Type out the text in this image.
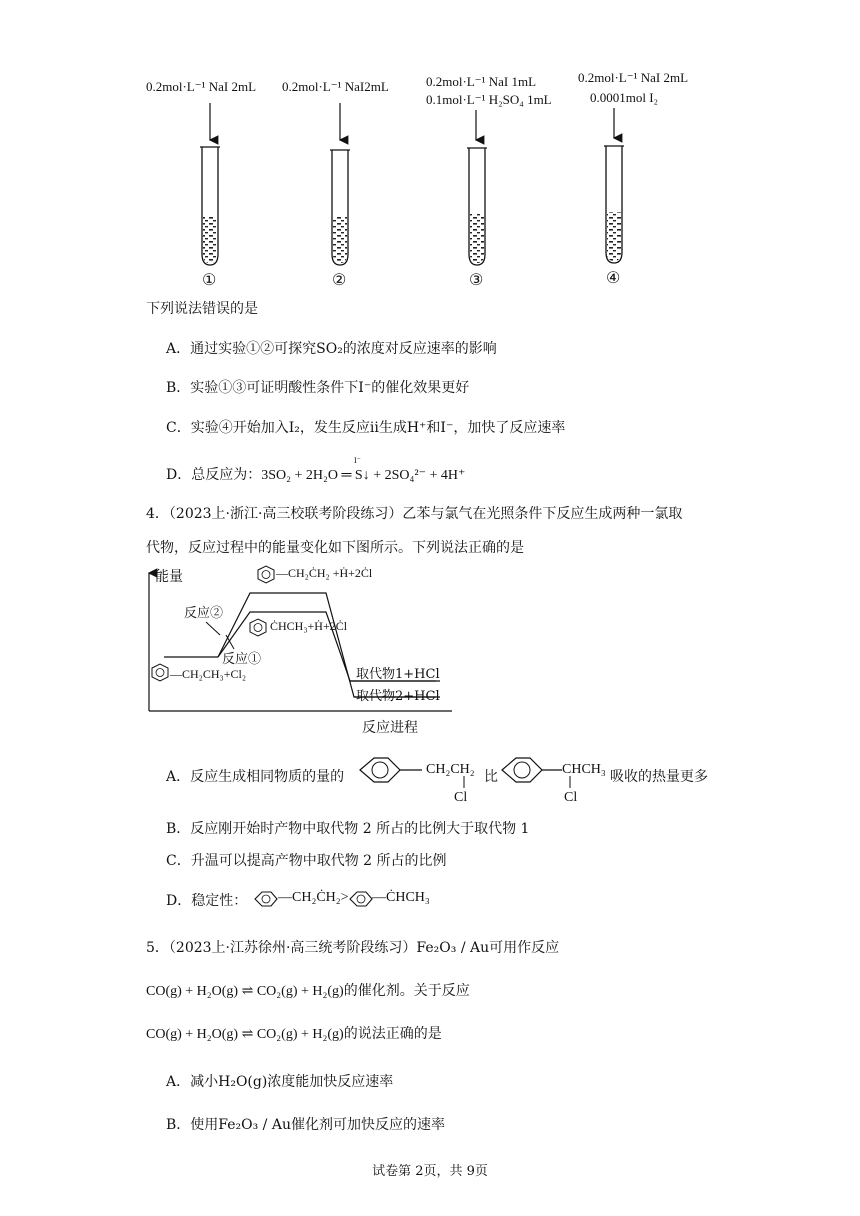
0.2mol·L⁻¹ NaI 2mL 0.2mol·L⁻¹ NaI2mL	0.2mol·L⁻¹ NaI 1mL
0.1mol·L⁻¹ H₂SO₄ 1mL
0.2mol·L⁻¹ NaI 2mL
0.0001mol I₂
①	②	③	④
下列说法错误的是
A．通过实验①②可探究SO₂的浓度对反应速率的影响
B．实验①③可证明酸性条件下I⁻的催化效果更好
C．实验④开始加入I₂，发生反应ii生成H⁺和I⁻，加快了反应速率
D．总反应为：3SO₂ + 2H₂O ═ S↓ + 2SO₄²⁻ + 4H⁺
I⁻
4．（2023上·浙江·高三校联考阶段练习）乙苯与氯气在光照条件下反应生成两种一氯取
代物，反应过程中的能量变化如下图所示。下列说法正确的是
能量	—CH₂ĊH₂ +Ḣ+2Ċl
反应②
ĊHCH₃+Ḣ+2Ċl
反应①
—CH₂CH₃+Cl₂	取代物1+HCl
取代物2+HCl
反应进程
A．反应生成相同物质的量的	CH₂CH₂
Cl
比	CHCH₃
Cl
吸收的热量更多
B．反应刚开始时产物中取代物 2 所占的比例大于取代物 1
C．升温可以提高产物中取代物 2 所占的比例
D．稳定性： —CH₂ĊH₂> —ĊHCH₃
5．（2023上·江苏徐州·高三统考阶段练习）Fe₂O₃ / Au可用作反应
CO(g) + H₂O(g) ⇌ CO₂(g) + H₂(g)的催化剂。关于反应
CO(g) + H₂O(g) ⇌ CO₂(g) + H₂(g)的说法正确的是
A．减小H₂O(g)浓度能加快反应速率
B．使用Fe₂O₃ / Au催化剂可加快反应的速率
试卷第 2页，共 9页
